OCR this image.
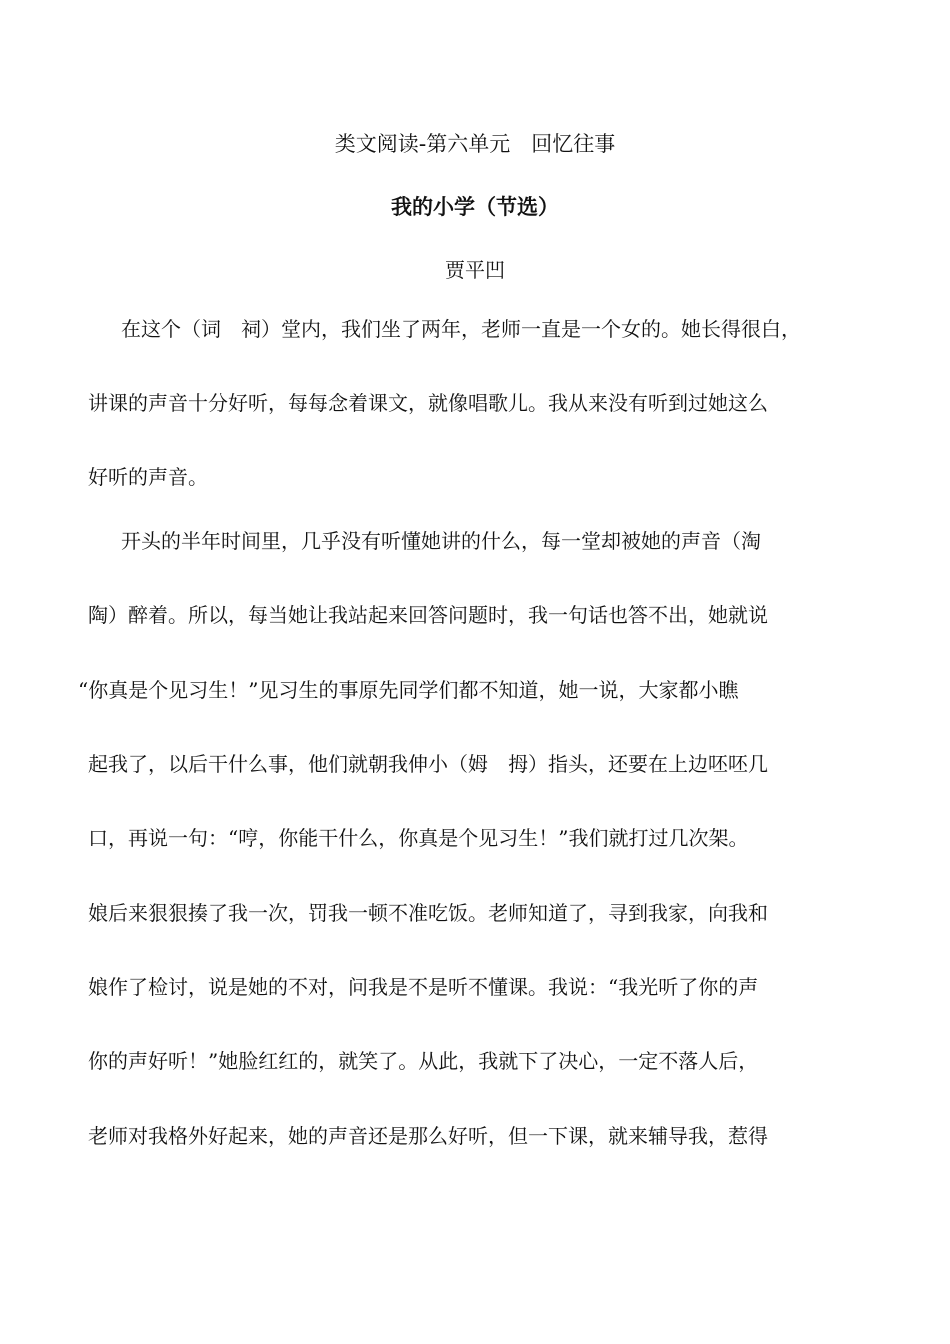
类文阅读-第六单元　回忆往事
我的小学（节选）
贾平凹
在这个（词　祠）堂内，我们坐了两年，老师一直是一个女的。她长得很白，
讲课的声音十分好听，每每念着课文，就像唱歌儿。我从来没有听到过她这么
好听的声音。
开头的半年时间里，几乎没有听懂她讲的什么，每一堂却被她的声音（淘
陶）醉着。所以，每当她让我站起来回答问题时，我一句话也答不出，她就说
“你真是个见习生！”见习生的事原先同学们都不知道，她一说，大家都小瞧
起我了，以后干什么事，他们就朝我伸小（姆　拇）指头，还要在上边呸呸几
口，再说一句：“哼，你能干什么，你真是个见习生！”我们就打过几次架。
娘后来狠狠揍了我一次，罚我一顿不准吃饭。老师知道了，寻到我家，向我和
娘作了检讨，说是她的不对，问我是不是听不懂课。我说：“我光听了你的声
你的声好听！”她脸红红的，就笑了。从此，我就下了决心，一定不落人后，
老师对我格外好起来，她的声音还是那么好听，但一下课，就来辅导我，惹得
